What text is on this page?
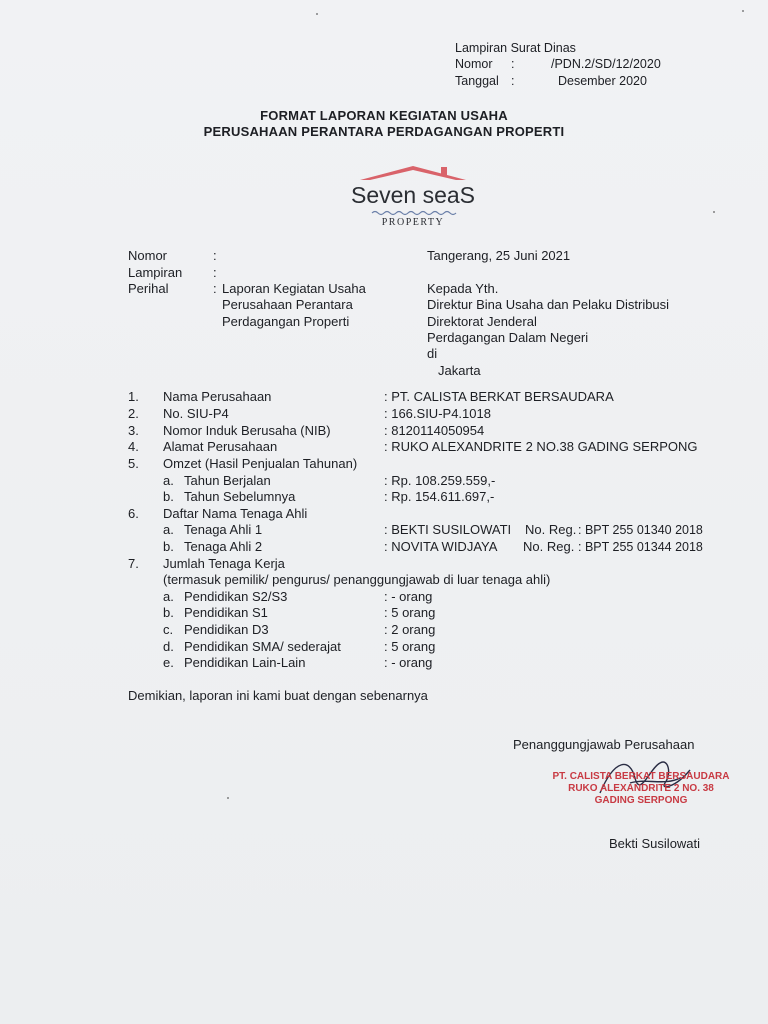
Lampiran Surat Dinas
Nomor :	/PDN.2/SD/12/2020
Tanggal :	Desember 2020
FORMAT LAPORAN KEGIATAN USAHA
PERUSAHAAN PERANTARA PERDAGANGAN PROPERTI
Seven seaS
PROPERTY
Nomor	:
Lampiran :
Perihal	: Laporan Kegiatan Usaha
Perusahaan Perantara
Perdagangan Properti
Tangerang, 25 Juni 2021
Kepada Yth.
Direktur Bina Usaha dan Pelaku Distribusi
Direktorat Jenderal
Perdagangan Dalam Negeri
di
Jakarta
1. Nama Perusahaan	: PT. CALISTA BERKAT BERSAUDARA
2. No. SIU-P4	: 166.SIU-P4.1018
3. Nomor Induk Berusaha (NIB)	: 8120114050954
4. Alamat Perusahaan	: RUKO ALEXANDRITE 2 NO.38 GADING SERPONG
5. Omzet (Hasil Penjualan Tahunan)
a. Tahun Berjalan	: Rp. 108.259.559,-
b. Tahun Sebelumnya	: Rp. 154.611.697,-
6. Daftar Nama Tenaga Ahli
a. Tenaga Ahli 1	: BEKTI SUSILOWATI No. Reg. : BPT 255 01340 2018
b. Tenaga Ahli 2	: NOVITA WIDJAYA No. Reg. : BPT 255 01344 2018
7. Jumlah Tenaga Kerja
(termasuk pemilik/ pengurus/ penanggungjawab di luar tenaga ahli)
a. Pendidikan S2/S3	: - orang
b. Pendidikan S1	: 5 orang
c. Pendidikan D3	: 2 orang
d. Pendidikan SMA/ sederajat	: 5 orang
e. Pendidikan Lain-Lain	: - orang
Demikian, laporan ini kami buat dengan sebenarnya
Penanggungjawab Perusahaan
PT. CALISTA BERKAT BERSAUDARA
RUKO ALEXANDRITE 2 NO. 38
GADING SERPONG
Bekti Susilowati
